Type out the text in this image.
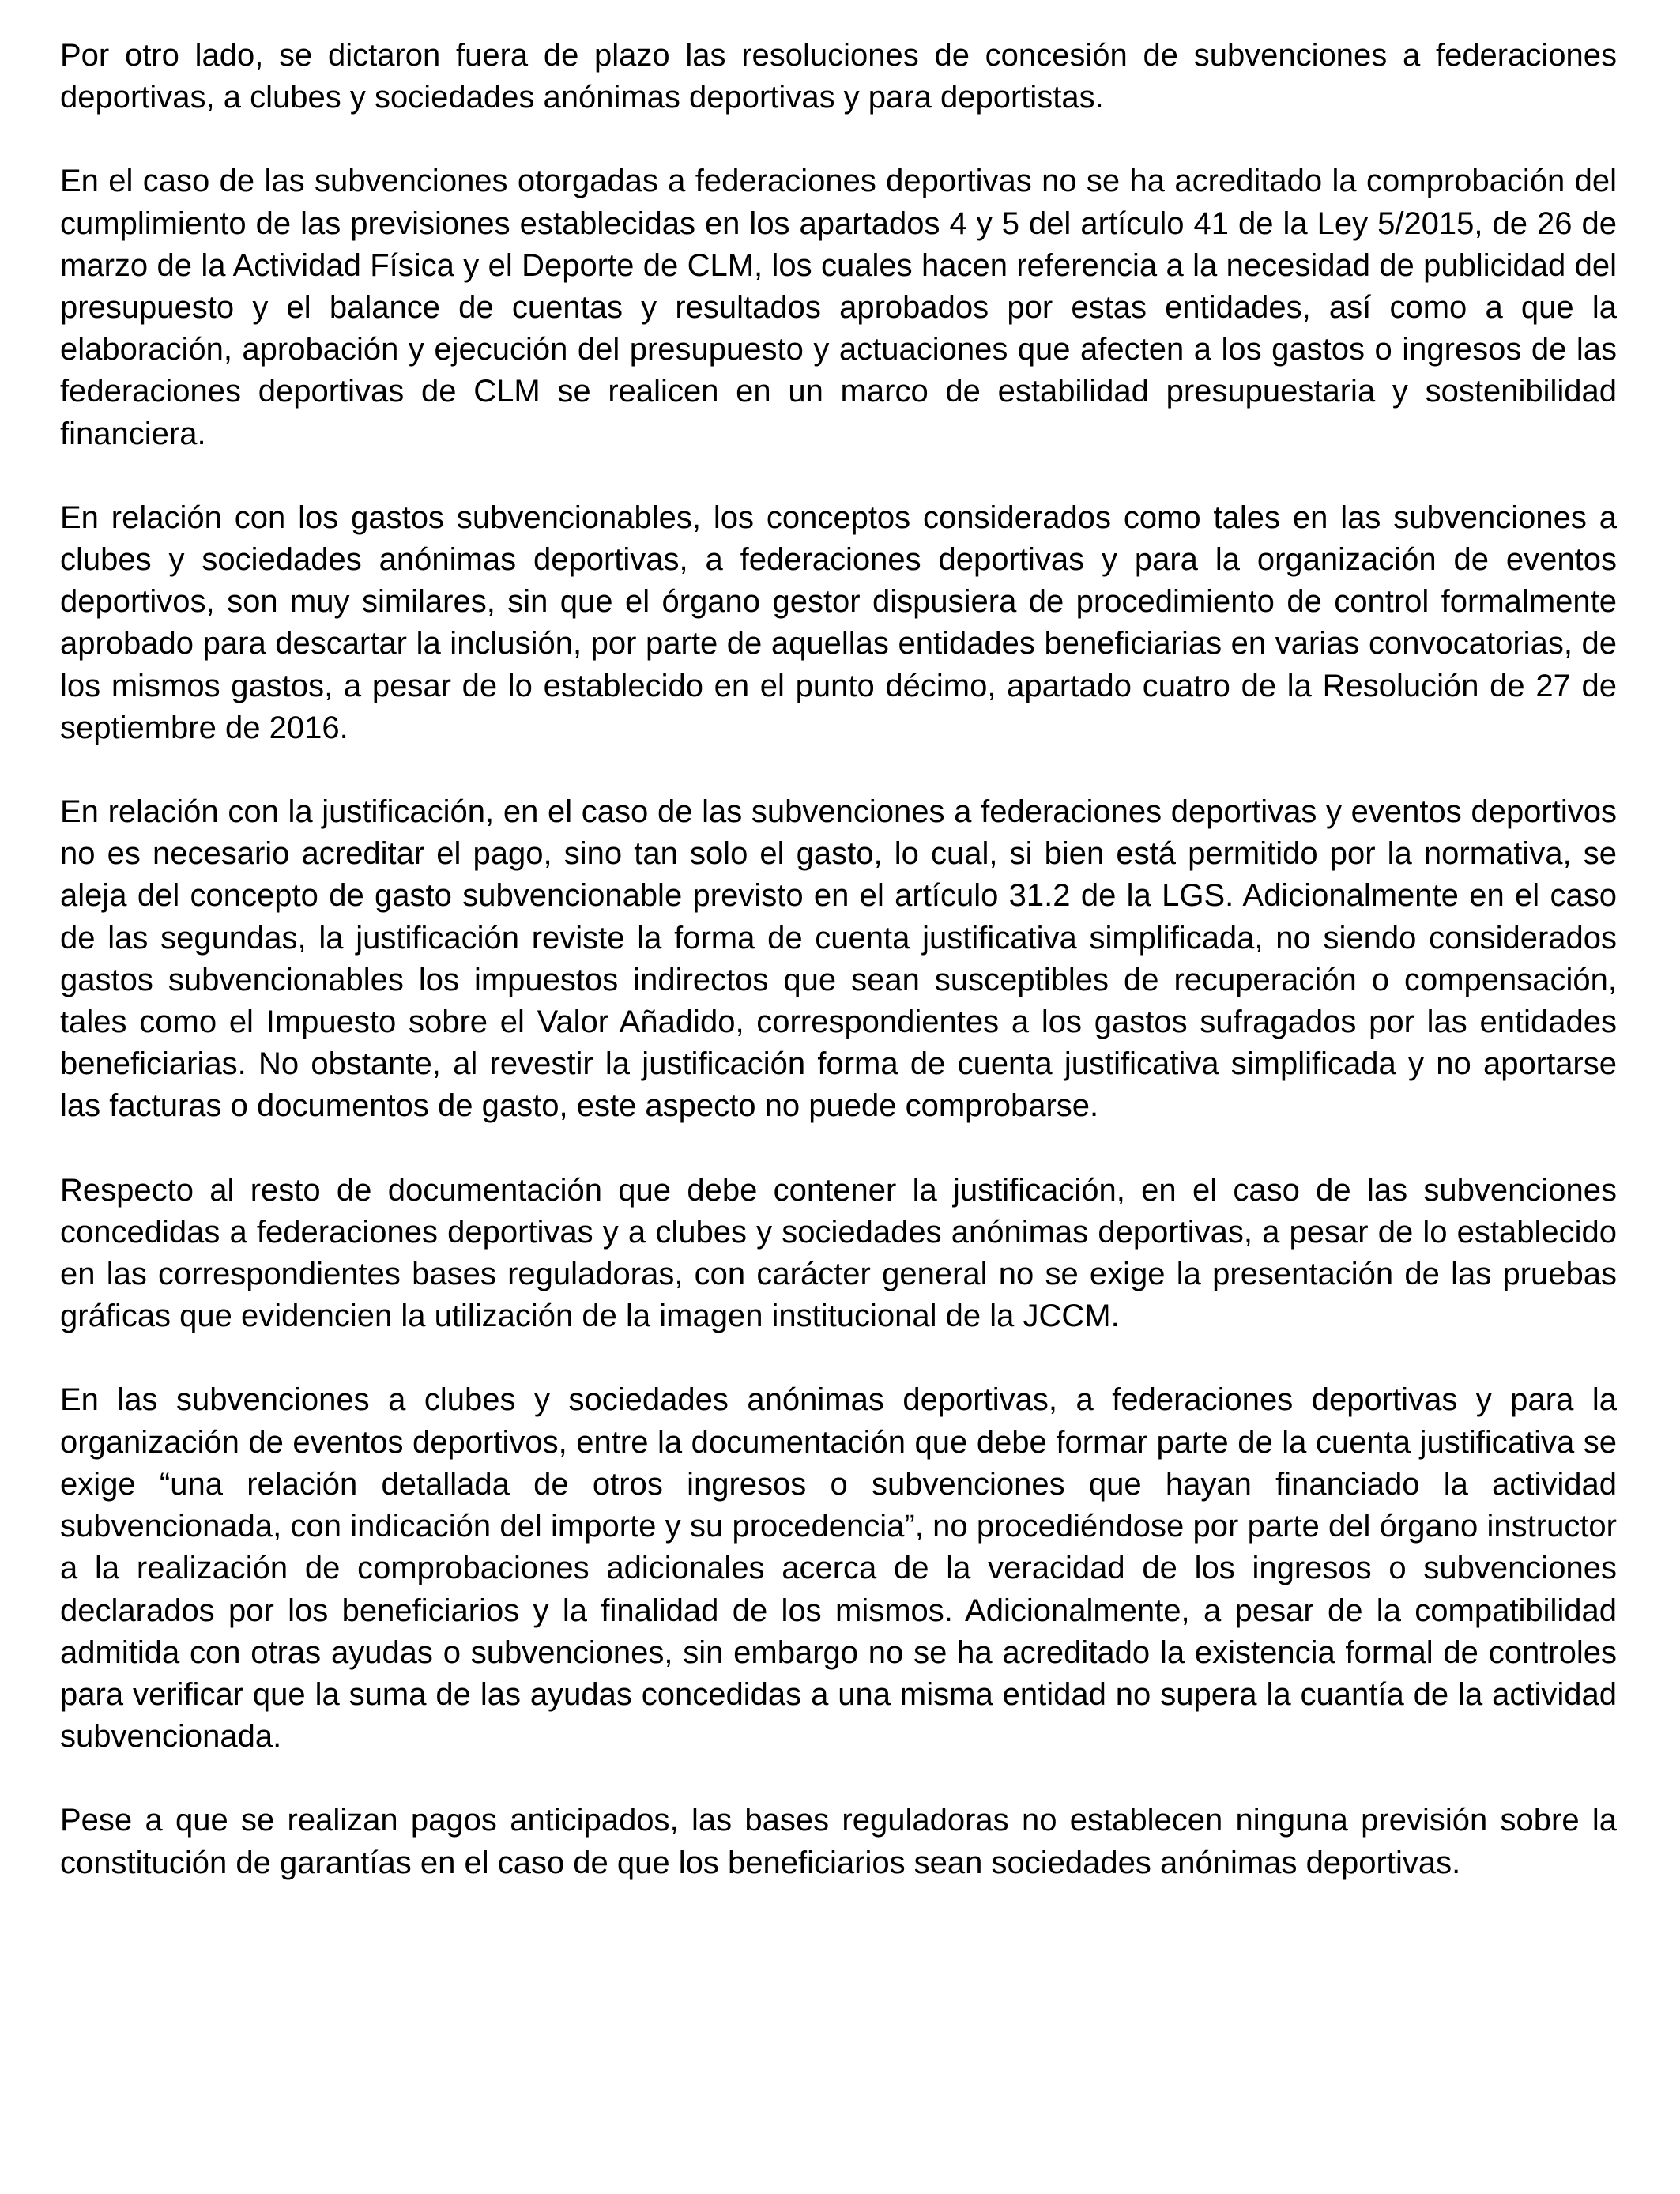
Por otro lado, se dictaron fuera de plazo las resoluciones de concesión de subvenciones a federaciones deportivas, a clubes y sociedades anónimas deportivas y para deportistas.

En el caso de las subvenciones otorgadas a federaciones deportivas no se ha acreditado la comprobación del cumplimiento de las previsiones establecidas en los apartados 4 y 5 del artículo 41 de la Ley 5/2015, de 26 de marzo de la Actividad Física y el Deporte de CLM, los cuales hacen referencia a la necesidad de publicidad del presupuesto y el balance de cuentas y resultados aprobados por estas entidades, así como a que la elaboración, aprobación y ejecución del presupuesto y actuaciones que afecten a los gastos o ingresos de las federaciones deportivas de CLM se realicen en un marco de estabilidad presupuestaria y sostenibilidad financiera.

En relación con los gastos subvencionables, los conceptos considerados como tales en las subvenciones a clubes y sociedades anónimas deportivas, a federaciones deportivas y para la organización de eventos deportivos, son muy similares, sin que el órgano gestor dispusiera de procedimiento de control formalmente aprobado para descartar la inclusión, por parte de aquellas entidades beneficiarias en varias convocatorias, de los mismos gastos, a pesar de lo establecido en el punto décimo, apartado cuatro de la Resolución de 27 de septiembre de 2016.

En relación con la justificación, en el caso de las subvenciones a federaciones deportivas y eventos deportivos no es necesario acreditar el pago, sino tan solo el gasto, lo cual, si bien está permitido por la normativa, se aleja del concepto de gasto subvencionable previsto en el artículo 31.2 de la LGS. Adicionalmente en el caso de las segundas, la justificación reviste la forma de cuenta justificativa simplificada, no siendo considerados gastos subvencionables los impuestos indirectos que sean susceptibles de recuperación o compensación, tales como el Impuesto sobre el Valor Añadido, correspondientes a los gastos sufragados por las entidades beneficiarias. No obstante, al revestir la justificación forma de cuenta justificativa simplificada y no aportarse las facturas o documentos de gasto, este aspecto no puede comprobarse.

Respecto al resto de documentación que debe contener la justificación, en el caso de las subvenciones concedidas a federaciones deportivas y a clubes y sociedades anónimas deportivas, a pesar de lo establecido en las correspondientes bases reguladoras, con carácter general no se exige la presentación de las pruebas gráficas que evidencien la utilización de la imagen institucional de la JCCM.

En las subvenciones a clubes y sociedades anónimas deportivas, a federaciones deportivas y para la organización de eventos deportivos, entre la documentación que debe formar parte de la cuenta justificativa se exige “una relación detallada de otros ingresos o subvenciones que hayan financiado la actividad subvencionada, con indicación del importe y su procedencia”, no procediéndose por parte del órgano instructor a la realización de comprobaciones adicionales acerca de la veracidad de los ingresos o subvenciones declarados por los beneficiarios y la finalidad de los mismos. Adicionalmente, a pesar de la compatibilidad admitida con otras ayudas o subvenciones, sin embargo no se ha acreditado la existencia formal de controles para verificar que la suma de las ayudas concedidas a una misma entidad no supera la cuantía de la actividad subvencionada.

Pese a que se realizan pagos anticipados, las bases reguladoras no establecen ninguna previsión sobre la constitución de garantías en el caso de que los beneficiarios sean sociedades anónimas deportivas.
